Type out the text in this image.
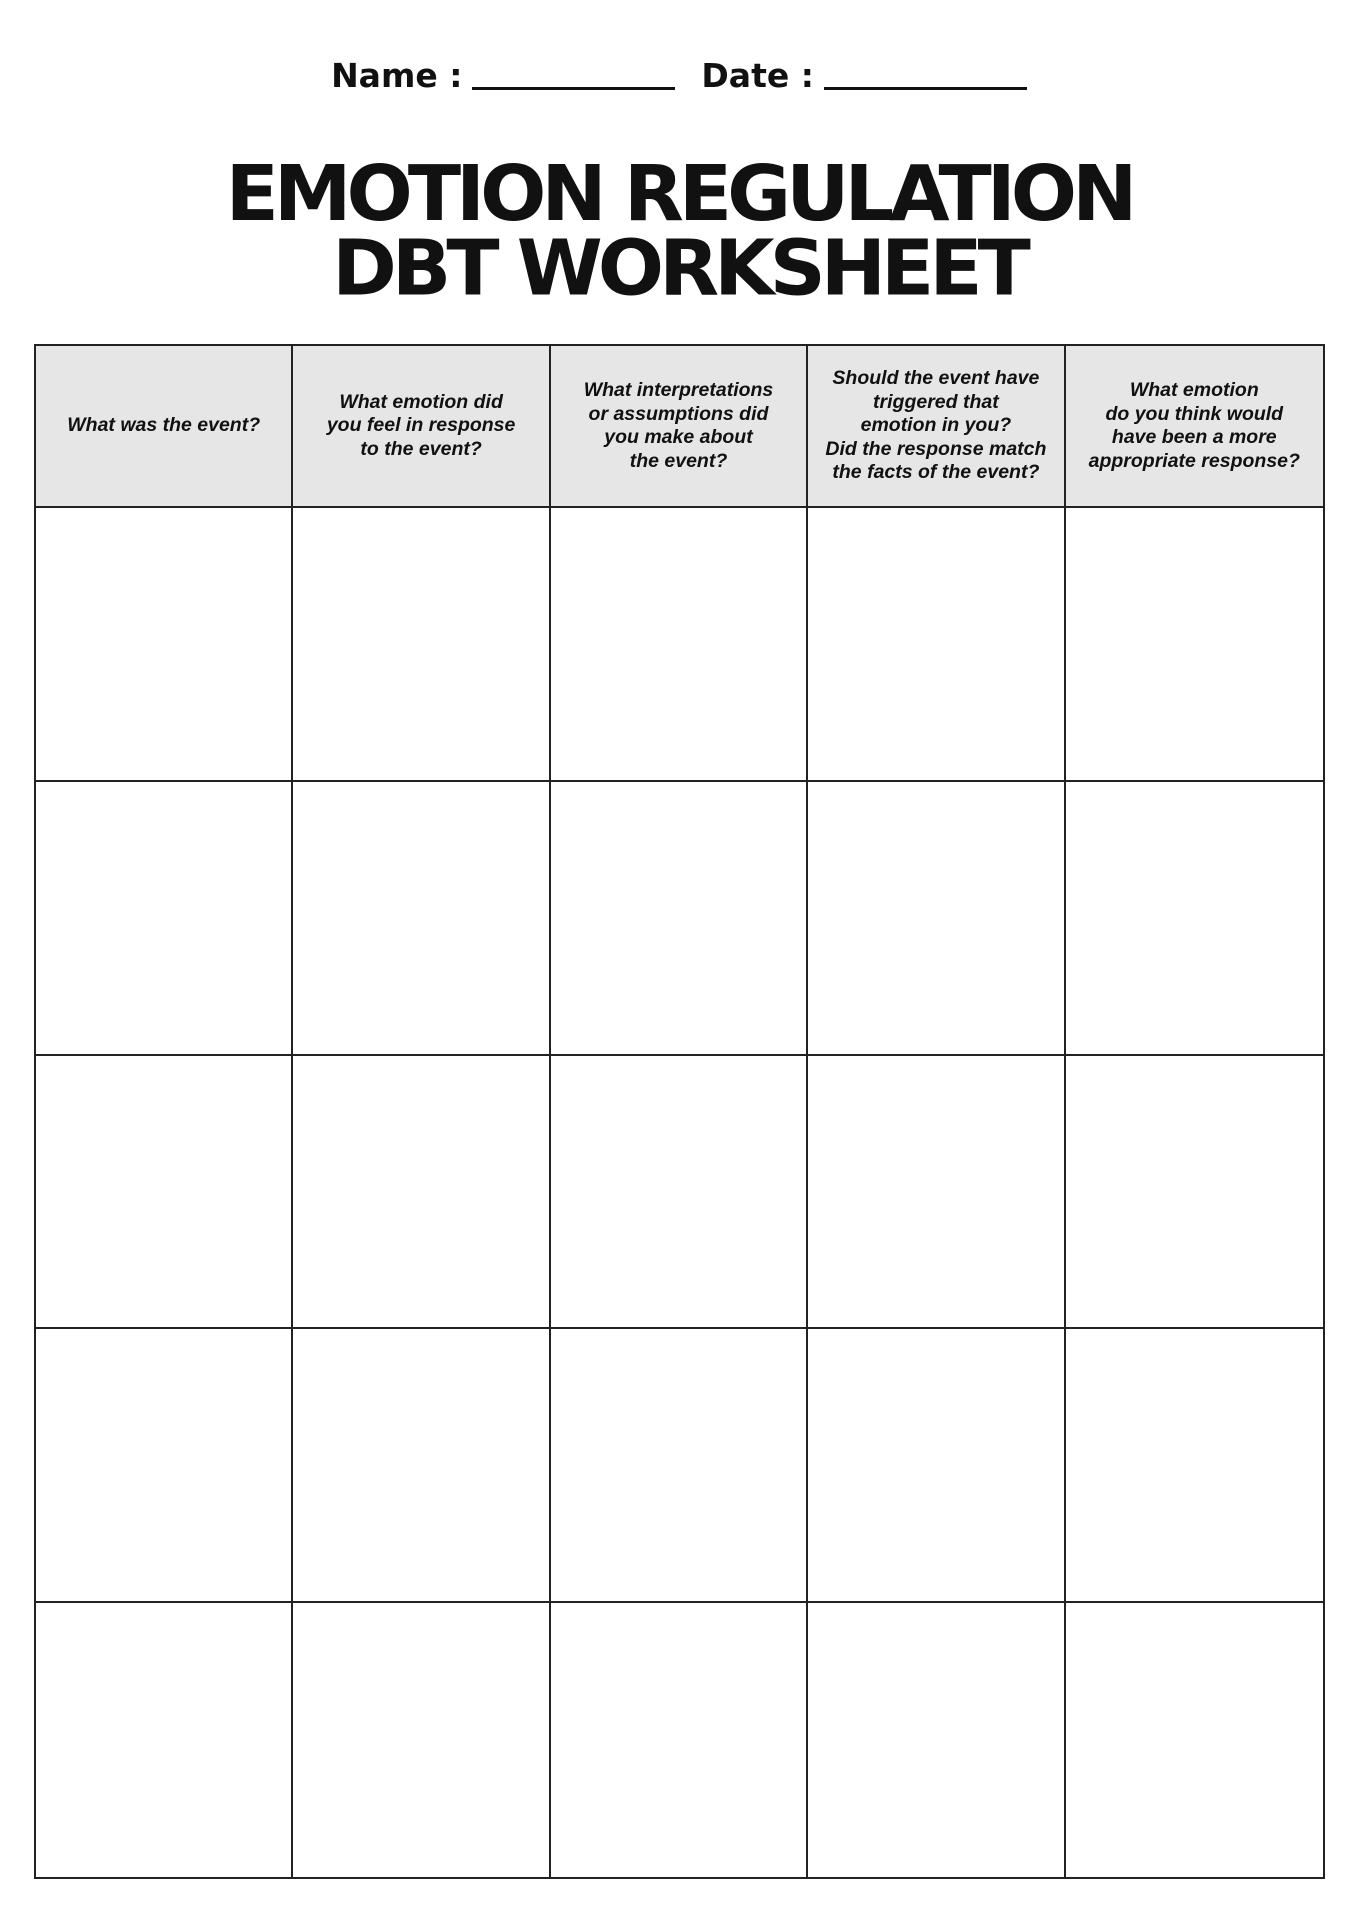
Name :	Date :
EMOTION REGULATION
DBT WORKSHEET
What was the event?
What emotion did
you feel in response
to the event?
What interpretations
or assumptions did
you make about
the event?
Should the event have
triggered that
emotion in you?
Did the response match
the facts of the event?
What emotion
do you think would
have been a more
appropriate response?
